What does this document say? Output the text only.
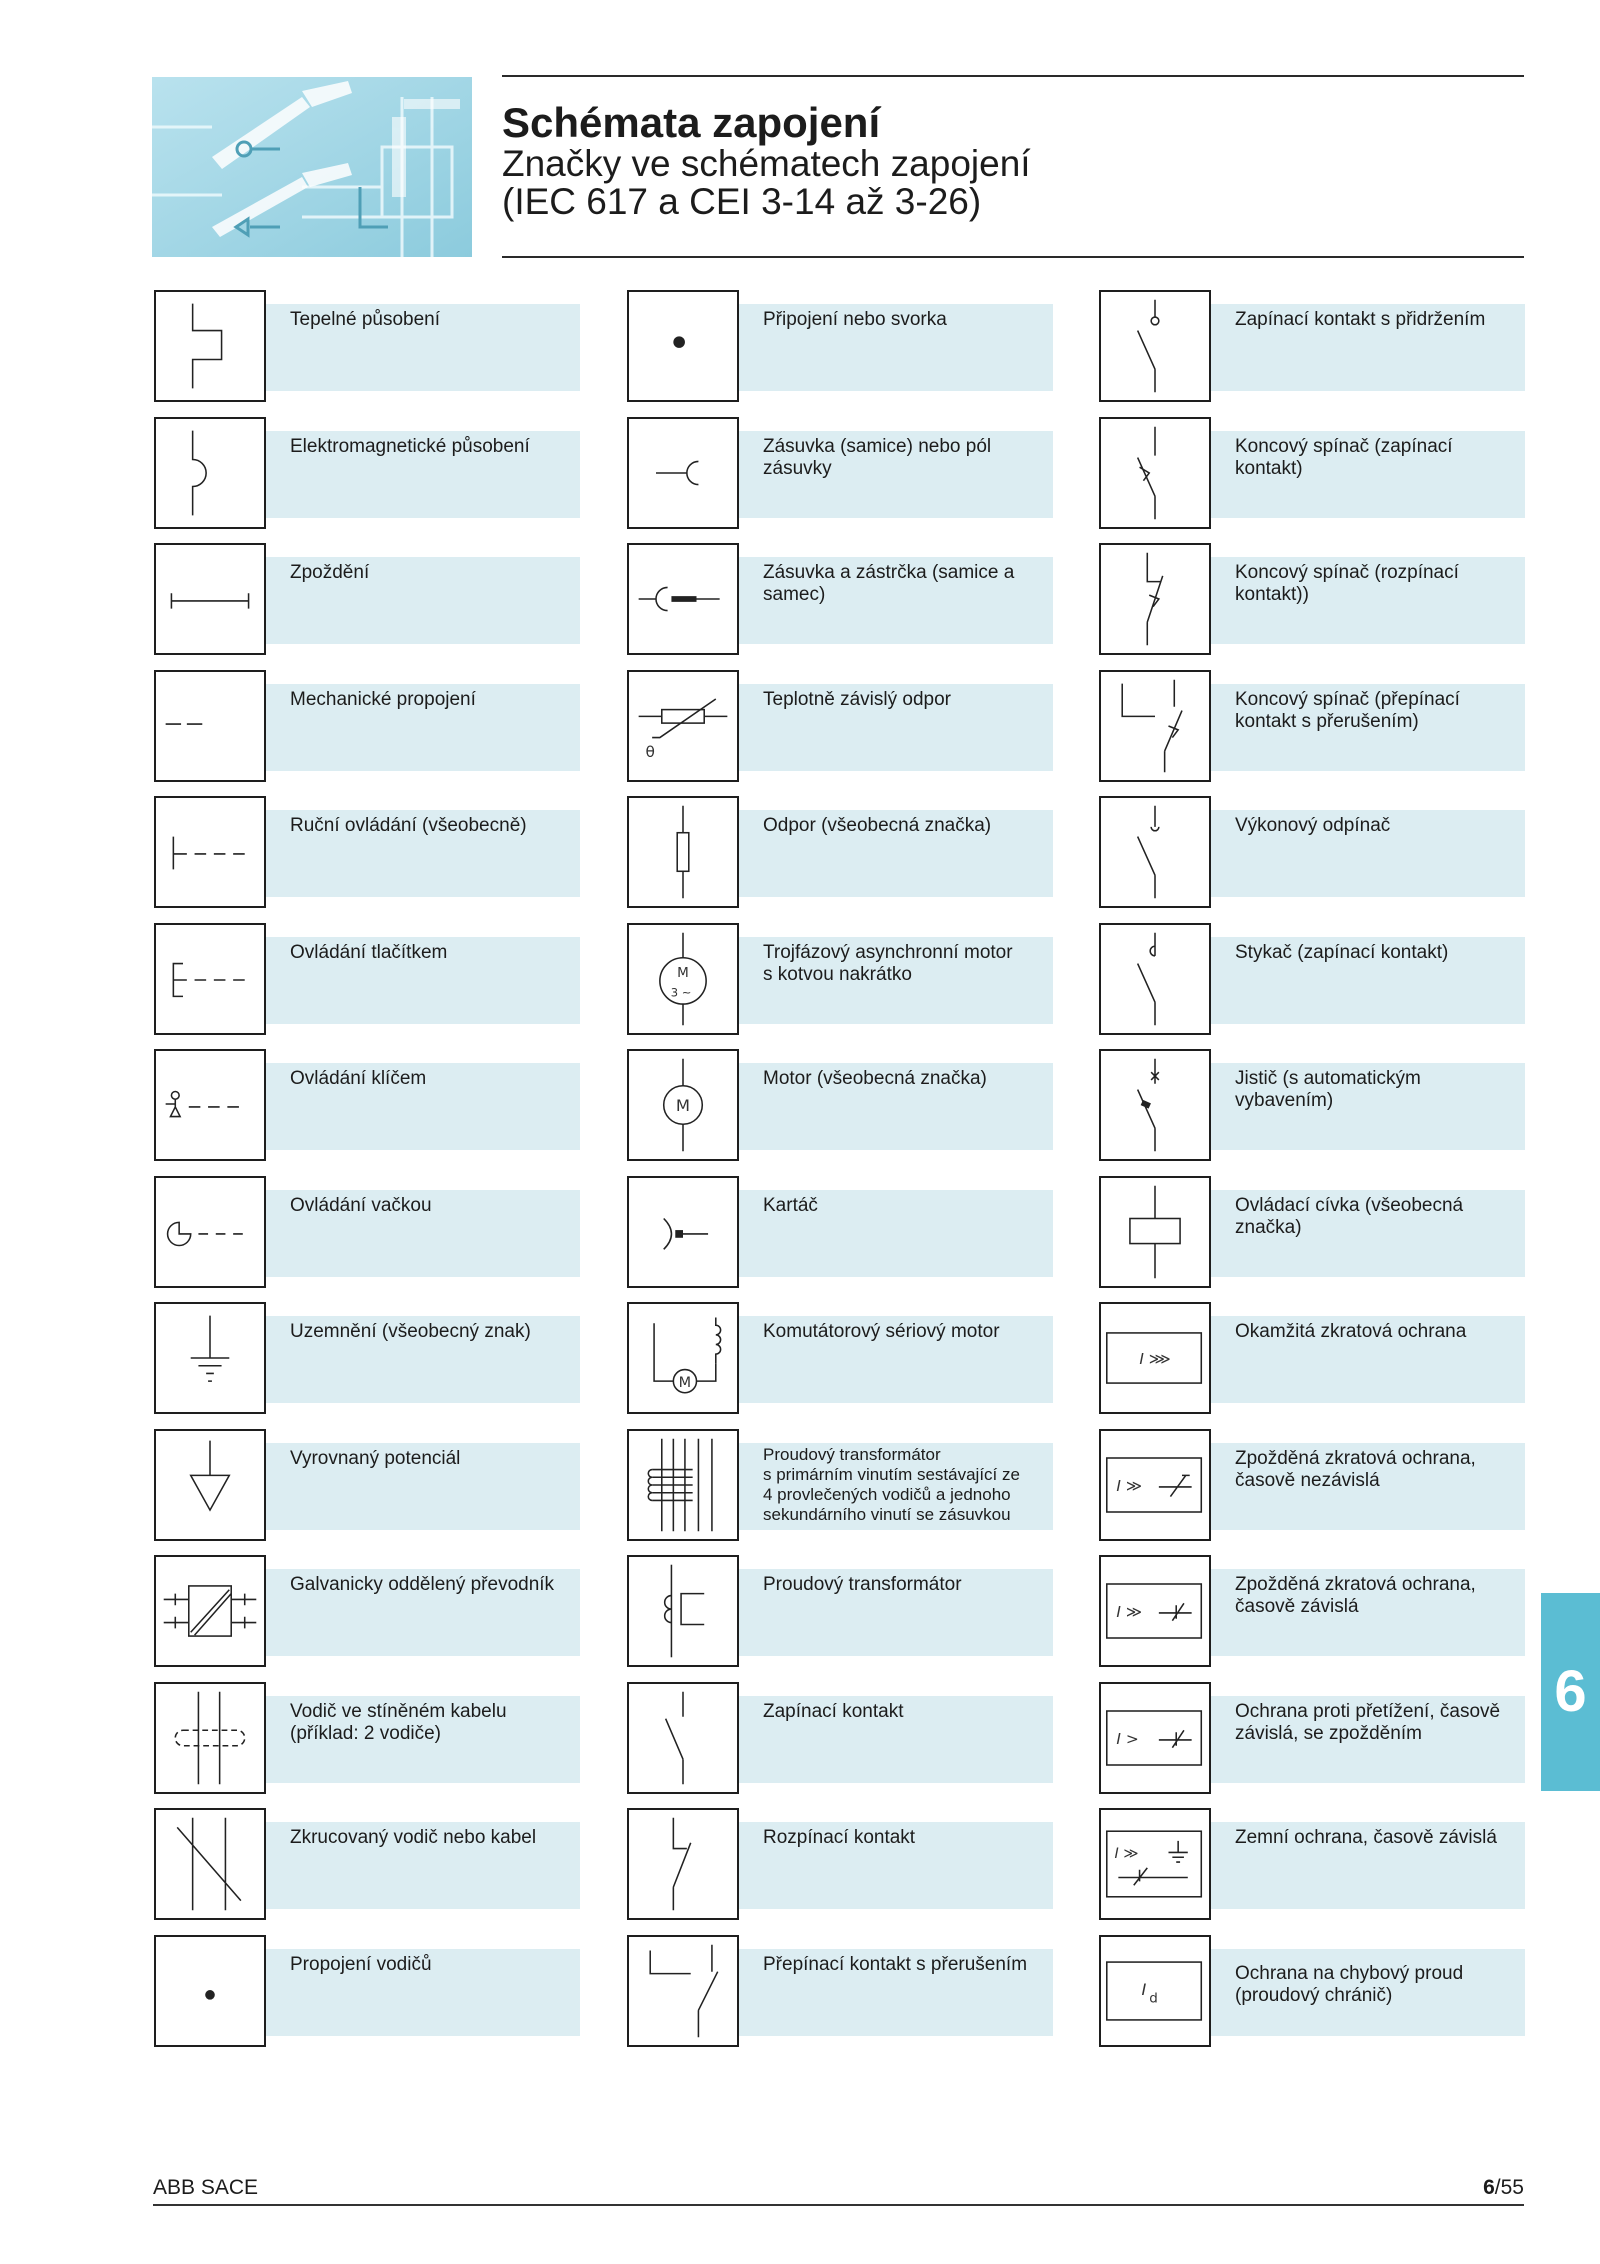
Schémata zapojení
Značky ve schématech zapojení
(IEC 617 a CEI 3-14 až 3-26)
Tepelné působení
Elektromagnetické působení
Zpoždění
Mechanické propojení
Ruční ovládání (všeobecně)
Ovládání tlačítkem
Ovládání klíčem
Ovládání vačkou
Uzemnění (všeobecný znak)
Vyrovnaný potenciál
Galvanicky oddělený převodník
Vodič ve stíněném kabelu
(příklad: 2 vodiče)
Zkrucovaný vodič nebo kabel
Propojení vodičů
Připojení nebo svorka
Zásuvka (samice) nebo pól
zásuvky
Zásuvka a zástrčka (samice a
samec)
θ
Teplotně závislý odpor
Odpor (všeobecná značka)
M
3 ~
Trojfázový asynchronní motor
s kotvou nakrátko
M
Motor (všeobecná značka)
Kartáč
M
Komutátorový sériový motor
Proudový transformátor
s primárním vinutím sestávající ze
4 provlečených vodičů a jednoho
sekundárního vinutí se zásuvkou
Proudový transformátor
Zapínací kontakt
Rozpínací kontakt
Přepínací kontakt s přerušením
Zapínací kontakt s přidržením
Koncový spínač (zapínací
kontakt)
Koncový spínač (rozpínací
kontakt))
Koncový spínač (přepínací
kontakt s přerušením)
Výkonový odpínač
Stykač (zapínací kontakt)
Jistič (s automatickým
vybavením)
Ovládací cívka (všeobecná
značka)
I ⋙
Okamžitá zkratová ochrana
I ≫
Zpožděná zkratová ochrana,
časově nezávislá
I ≫
Zpožděná zkratová ochrana,
časově závislá
I >
Ochrana proti přetížení, časově
závislá, se zpožděním
I ≫
Zemní ochrana, časově závislá
I d
Ochrana na chybový proud
(proudový chránič)
6
ABB SACE	6/55
